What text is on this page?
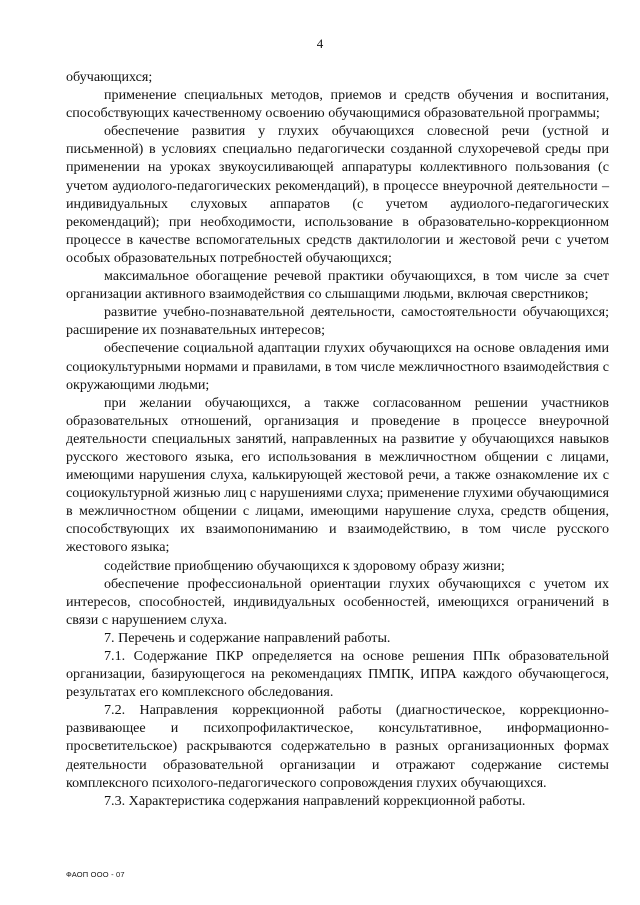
4

обучающихся;

применение специальных методов, приемов и средств обучения и воспитания, способствующих качественному освоению обучающимися образовательной программы;

обеспечение развития у глухих обучающихся словесной речи (устной и письменной) в условиях специально педагогически созданной слухоречевой среды при применении на уроках звукоусиливающей аппаратуры коллективного пользования (с учетом аудиолого-педагогических рекомендаций), в процессе внеурочной деятельности – индивидуальных слуховых аппаратов (с учетом аудиолого-педагогических рекомендаций); при необходимости, использование в образовательно-коррекционном процессе в качестве вспомогательных средств дактилологии и жестовой речи с учетом особых образовательных потребностей обучающихся;

максимальное обогащение речевой практики обучающихся, в том числе за счет организации активного взаимодействия со слышащими людьми, включая сверстников;

развитие учебно-познавательной деятельности, самостоятельности обучающихся; расширение их познавательных интересов;

обеспечение социальной адаптации глухих обучающихся на основе овладения ими социокультурными нормами и правилами, в том числе межличностного взаимодействия с окружающими людьми;

при желании обучающихся, а также согласованном решении участников образовательных отношений, организация и проведение в процессе внеурочной деятельности специальных занятий, направленных на развитие у обучающихся навыков русского жестового языка, его использования в межличностном общении с лицами, имеющими нарушения слуха, калькирующей жестовой речи, а также ознакомление их с социокультурной жизнью лиц с нарушениями слуха; применение глухими обучающимися в межличностном общении с лицами, имеющими нарушение слуха, средств общения, способствующих их взаимопониманию и взаимодействию, в том числе русского жестового языка;

содействие приобщению обучающихся к здоровому образу жизни;

обеспечение профессиональной ориентации глухих обучающихся с учетом их интересов, способностей, индивидуальных особенностей, имеющихся ограничений в связи с нарушением слуха.

7. Перечень и содержание направлений работы.

7.1. Содержание ПКР определяется на основе решения ППк образовательной организации, базирующегося на рекомендациях ПМПК, ИПРА каждого обучающегося, результатах его комплексного обследования.

7.2. Направления коррекционной работы (диагностическое, коррекционно-развивающее и психопрофилактическое, консультативное, информационно-просветительское) раскрываются содержательно в разных организационных формах деятельности образовательной организации и отражают содержание системы комплексного психолого-педагогического сопровождения глухих обучающихся.

7.3. Характеристика содержания направлений коррекционной работы.

ФАОП ООО - 07
